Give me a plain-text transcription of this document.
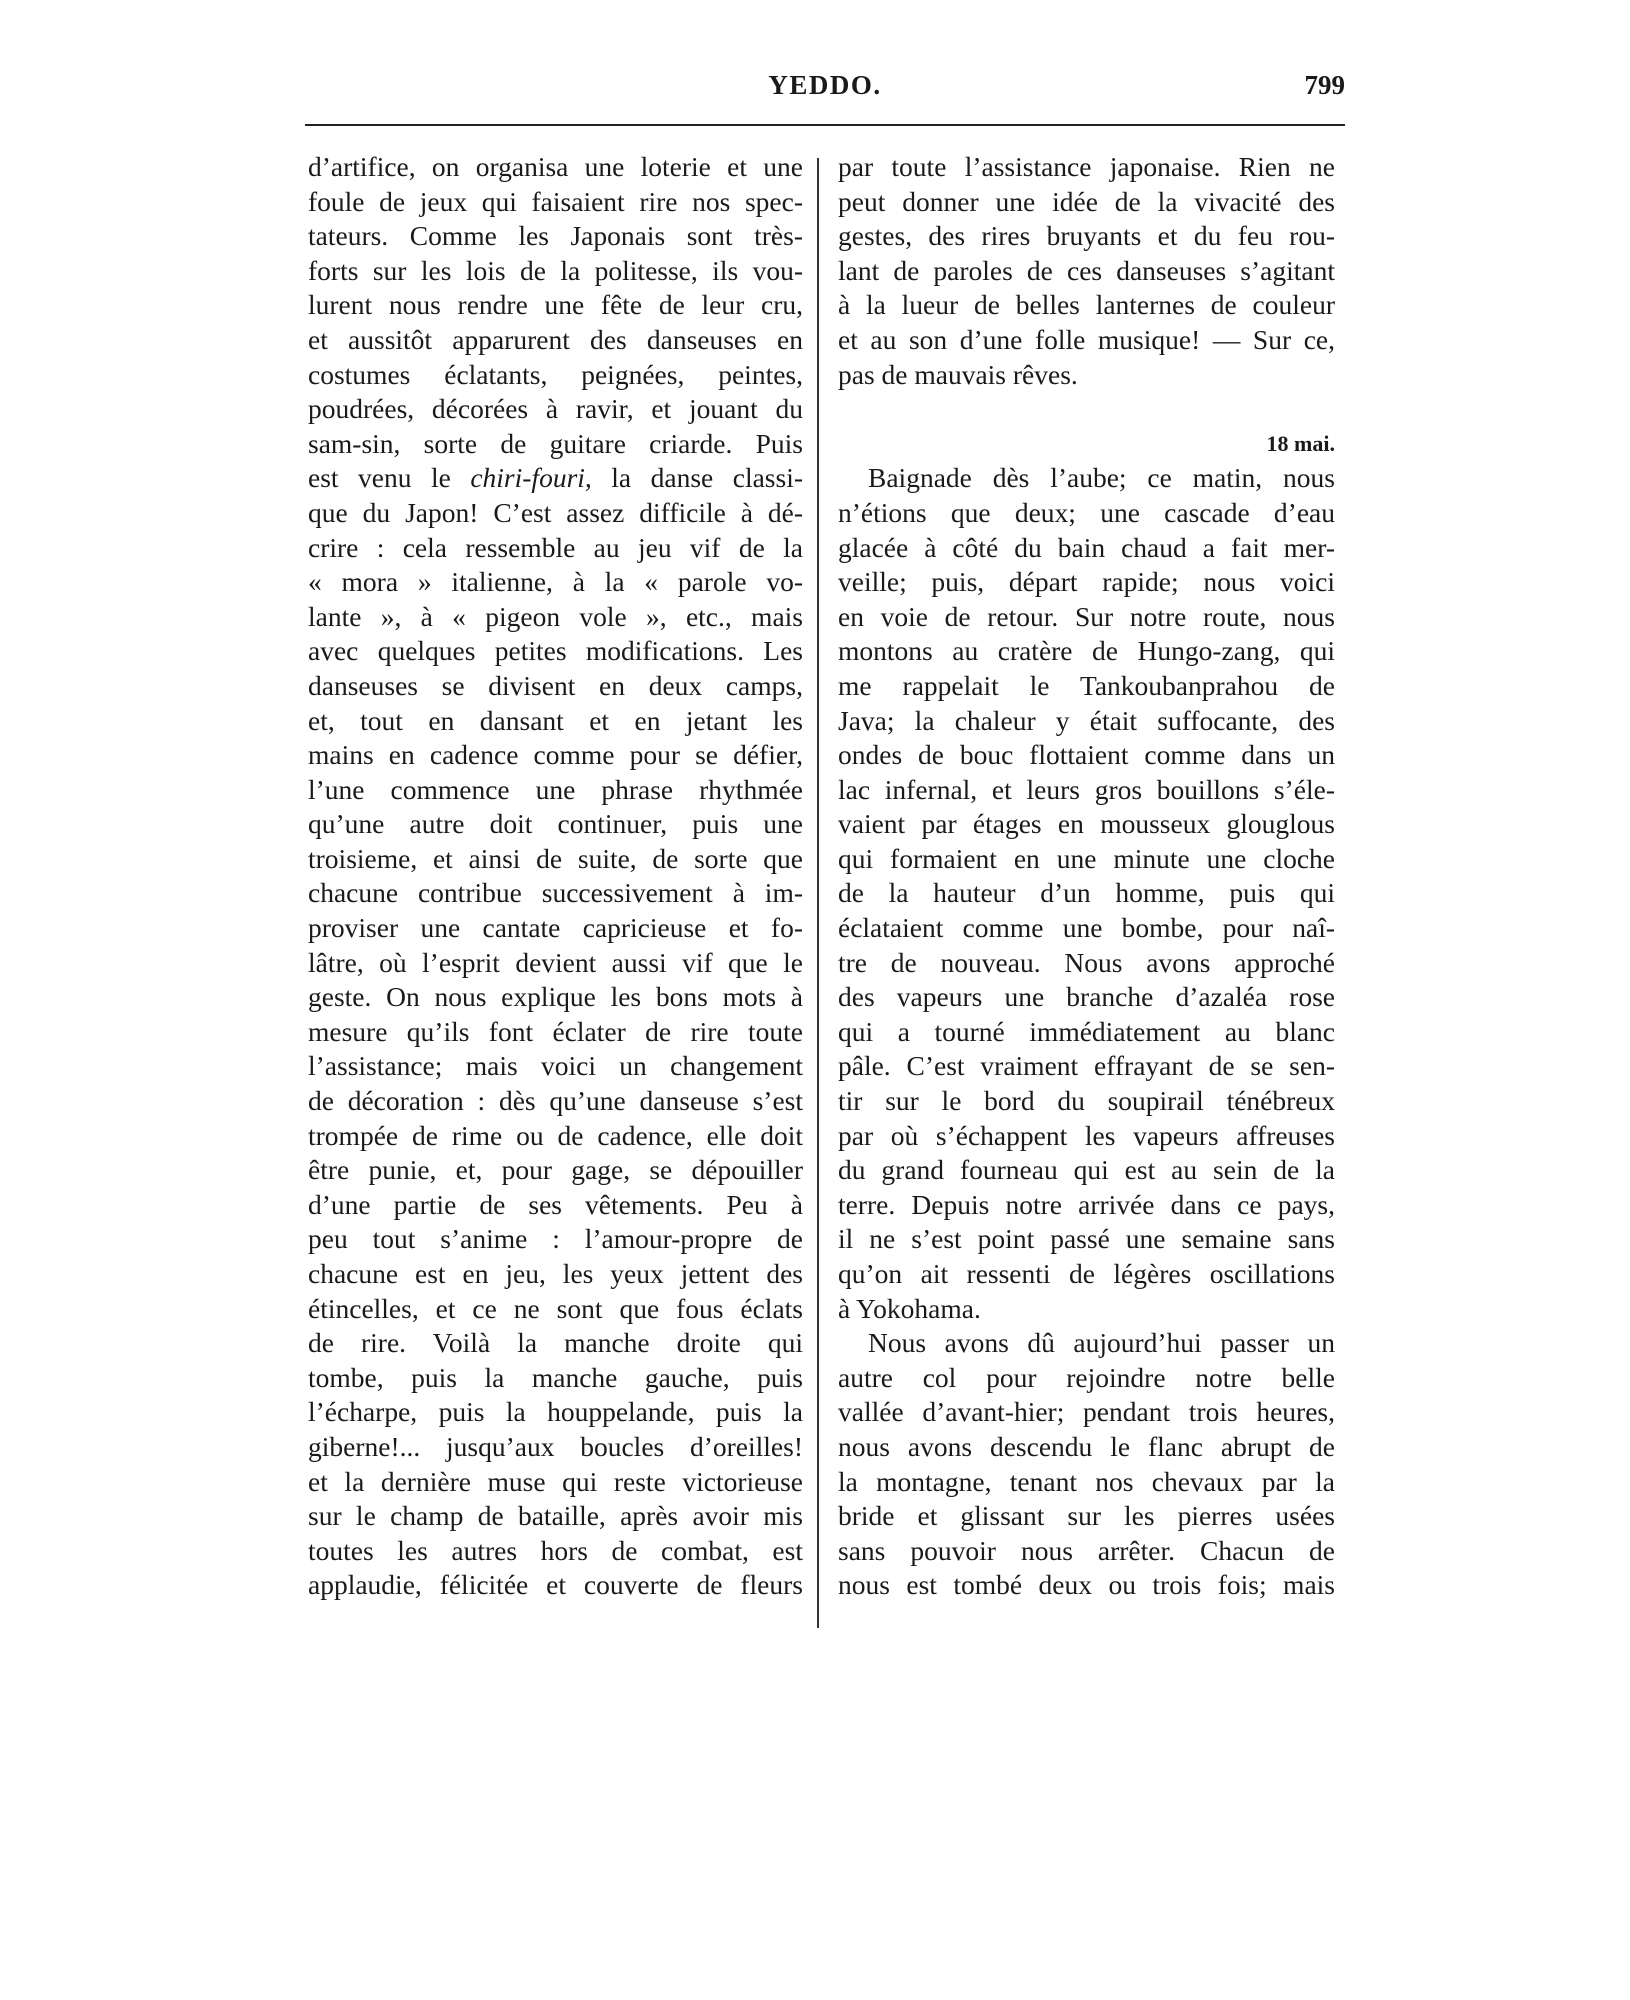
YEDDO.	799
d’artifice, on organisa une loterie et une
foule de jeux qui faisaient rire nos spec-
tateurs. Comme les Japonais sont très-
forts sur les lois de la politesse, ils vou-
lurent nous rendre une fête de leur cru,
et aussitôt apparurent des danseuses en
costumes éclatants, peignées, peintes,
poudrées, décorées à ravir, et jouant du
sam-sin, sorte de guitare criarde. Puis
est venu le chiri-fouri, la danse classi-
que du Japon! C’est assez difficile à dé-
crire : cela ressemble au jeu vif de la
« mora » italienne, à la « parole vo-
lante », à « pigeon vole », etc., mais
avec quelques petites modifications. Les
danseuses se divisent en deux camps,
et, tout en dansant et en jetant les
mains en cadence comme pour se défier,
l’une commence une phrase rhythmée
qu’une autre doit continuer, puis une
troisieme, et ainsi de suite, de sorte que
chacune contribue successivement à im-
proviser une cantate capricieuse et fo-
lâtre, où l’esprit devient aussi vif que le
geste. On nous explique les bons mots à
mesure qu’ils font éclater de rire toute
l’assistance; mais voici un changement
de décoration : dès qu’une danseuse s’est
trompée de rime ou de cadence, elle doit
être punie, et, pour gage, se dépouiller
d’une partie de ses vêtements. Peu à
peu tout s’anime : l’amour-propre de
chacune est en jeu, les yeux jettent des
étincelles, et ce ne sont que fous éclats
de rire. Voilà la manche droite qui
tombe, puis la manche gauche, puis
l’écharpe, puis la houppelande, puis la
giberne!... jusqu’aux boucles d’oreilles!
et la dernière muse qui reste victorieuse
sur le champ de bataille, après avoir mis
toutes les autres hors de combat, est
applaudie, félicitée et couverte de fleurs
par toute l’assistance japonaise. Rien ne
peut donner une idée de la vivacité des
gestes, des rires bruyants et du feu rou-
lant de paroles de ces danseuses s’agitant
à la lueur de belles lanternes de couleur
et au son d’une folle musique! — Sur ce,
pas de mauvais rêves.
18 mai.
Baignade dès l’aube; ce matin, nous
n’étions que deux; une cascade d’eau
glacée à côté du bain chaud a fait mer-
veille; puis, départ rapide; nous voici
en voie de retour. Sur notre route, nous
montons au cratère de Hungo-zang, qui
me rappelait le Tankoubanprahou de
Java; la chaleur y était suffocante, des
ondes de bouc flottaient comme dans un
lac infernal, et leurs gros bouillons s’éle-
vaient par étages en mousseux glouglous
qui formaient en une minute une cloche
de la hauteur d’un homme, puis qui
éclataient comme une bombe, pour naî-
tre de nouveau. Nous avons approché
des vapeurs une branche d’azaléa rose
qui a tourné immédiatement au blanc
pâle. C’est vraiment effrayant de se sen-
tir sur le bord du soupirail ténébreux
par où s’échappent les vapeurs affreuses
du grand fourneau qui est au sein de la
terre. Depuis notre arrivée dans ce pays,
il ne s’est point passé une semaine sans
qu’on ait ressenti de légères oscillations
à Yokohama.
Nous avons dû aujourd’hui passer un
autre col pour rejoindre notre belle
vallée d’avant-hier; pendant trois heures,
nous avons descendu le flanc abrupt de
la montagne, tenant nos chevaux par la
bride et glissant sur les pierres usées
sans pouvoir nous arrêter. Chacun de
nous est tombé deux ou trois fois; mais
